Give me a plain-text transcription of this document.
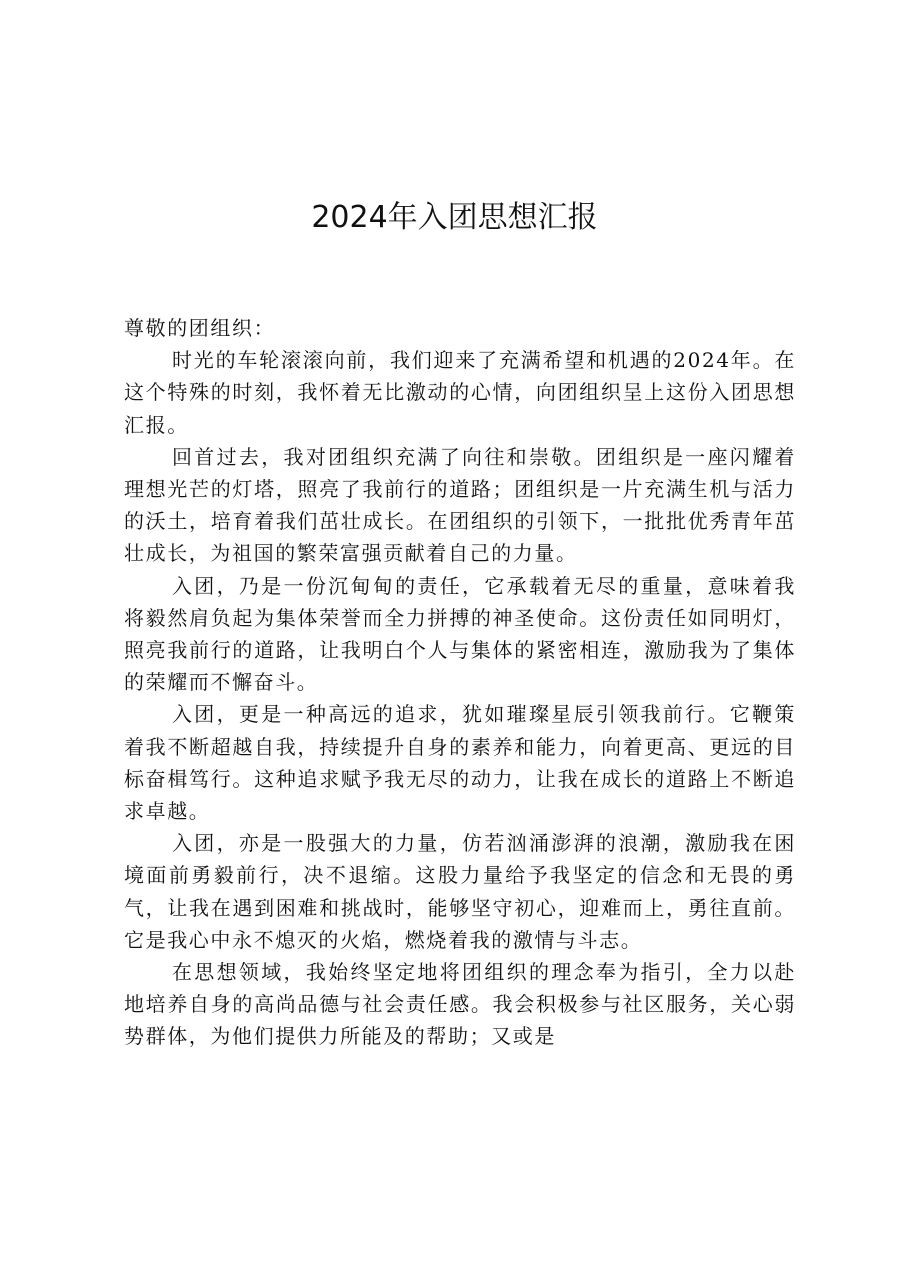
2024年入团思想汇报

尊敬的团组织：

时光的车轮滚滚向前，我们迎来了充满希望和机遇的2024年。在这个特殊的时刻，我怀着无比激动的心情，向团组织呈上这份入团思想汇报。

回首过去，我对团组织充满了向往和崇敬。团组织是一座闪耀着理想光芒的灯塔，照亮了我前行的道路；团组织是一片充满生机与活力的沃土，培育着我们茁壮成长。在团组织的引领下，一批批优秀青年茁壮成长，为祖国的繁荣富强贡献着自己的力量。

入团，乃是一份沉甸甸的责任，它承载着无尽的重量，意味着我将毅然肩负起为集体荣誉而全力拼搏的神圣使命。这份责任如同明灯，照亮我前行的道路，让我明白个人与集体的紧密相连，激励我为了集体的荣耀而不懈奋斗。

入团，更是一种高远的追求，犹如璀璨星辰引领我前行。它鞭策着我不断超越自我，持续提升自身的素养和能力，向着更高、更远的目标奋楫笃行。这种追求赋予我无尽的动力，让我在成长的道路上不断追求卓越。

入团，亦是一股强大的力量，仿若汹涌澎湃的浪潮，激励我在困境面前勇毅前行，决不退缩。这股力量给予我坚定的信念和无畏的勇气，让我在遇到困难和挑战时，能够坚守初心，迎难而上，勇往直前。它是我心中永不熄灭的火焰，燃烧着我的激情与斗志。

在思想领域，我始终坚定地将团组织的理念奉为指引，全力以赴地培养自身的高尚品德与社会责任感。我会积极参与社区服务，关心弱势群体，为他们提供力所能及的帮助；又或是
